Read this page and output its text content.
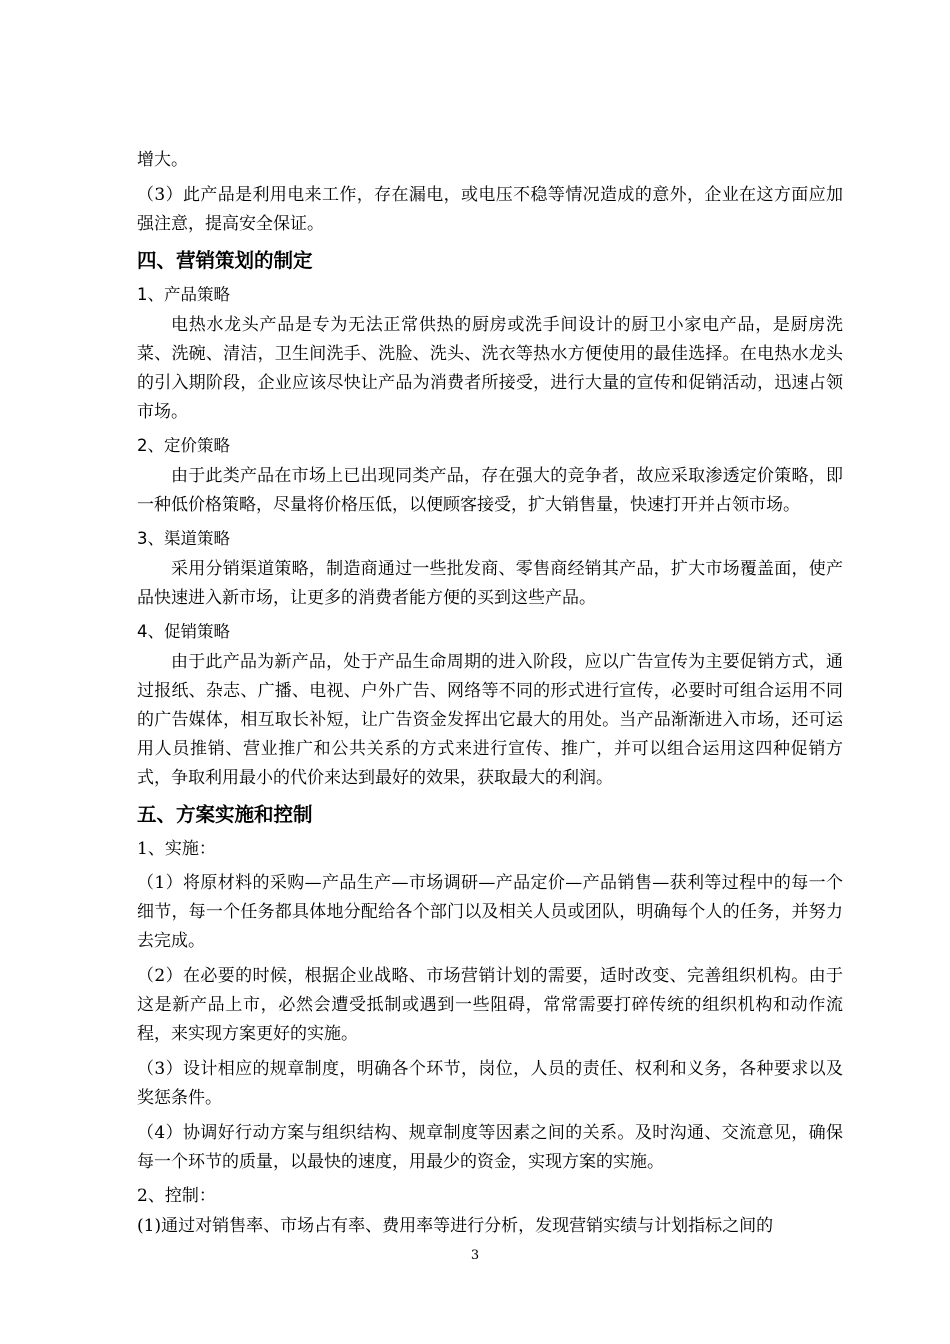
增大。

（3）此产品是利用电来工作，存在漏电，或电压不稳等情况造成的意外，企业在这方面应加强注意，提高安全保证。

四、营销策划的制定
1、产品策略

电热水龙头产品是专为无法正常供热的厨房或洗手间设计的厨卫小家电产品，是厨房洗菜、洗碗、清洁，卫生间洗手、洗脸、洗头、洗衣等热水方便使用的最佳选择。在电热水龙头的引入期阶段，企业应该尽快让产品为消费者所接受，进行大量的宣传和促销活动，迅速占领市场。

2、定价策略

由于此类产品在市场上已出现同类产品，存在强大的竞争者，故应采取渗透定价策略，即一种低价格策略，尽量将价格压低，以便顾客接受，扩大销售量，快速打开并占领市场。

3、渠道策略

采用分销渠道策略，制造商通过一些批发商、零售商经销其产品，扩大市场覆盖面，使产品快速进入新市场，让更多的消费者能方便的买到这些产品。

4、促销策略

由于此产品为新产品，处于产品生命周期的进入阶段，应以广告宣传为主要促销方式，通过报纸、杂志、广播、电视、户外广告、网络等不同的形式进行宣传，必要时可组合运用不同的广告媒体，相互取长补短，让广告资金发挥出它最大的用处。当产品渐渐进入市场，还可运用人员推销、营业推广和公共关系的方式来进行宣传、推广，并可以组合运用这四种促销方式，争取利用最小的代价来达到最好的效果，获取最大的利润。

五、方案实施和控制
1、实施：

（1）将原材料的采购—产品生产—市场调研—产品定价—产品销售—获利等过程中的每一个细节，每一个任务都具体地分配给各个部门以及相关人员或团队，明确每个人的任务，并努力去完成。

（2）在必要的时候，根据企业战略、市场营销计划的需要，适时改变、完善组织机构。由于这是新产品上市，必然会遭受抵制或遇到一些阻碍，常常需要打碎传统的组织机构和动作流程，来实现方案更好的实施。

（3）设计相应的规章制度，明确各个环节，岗位，人员的责任、权利和义务，各种要求以及奖惩条件。

（4）协调好行动方案与组织结构、规章制度等因素之间的关系。及时沟通、交流意见，确保每一个环节的质量，以最快的速度，用最少的资金，实现方案的实施。

2、控制：

(1)通过对销售率、市场占有率、费用率等进行分析，发现营销实绩与计划指标之间的

3
